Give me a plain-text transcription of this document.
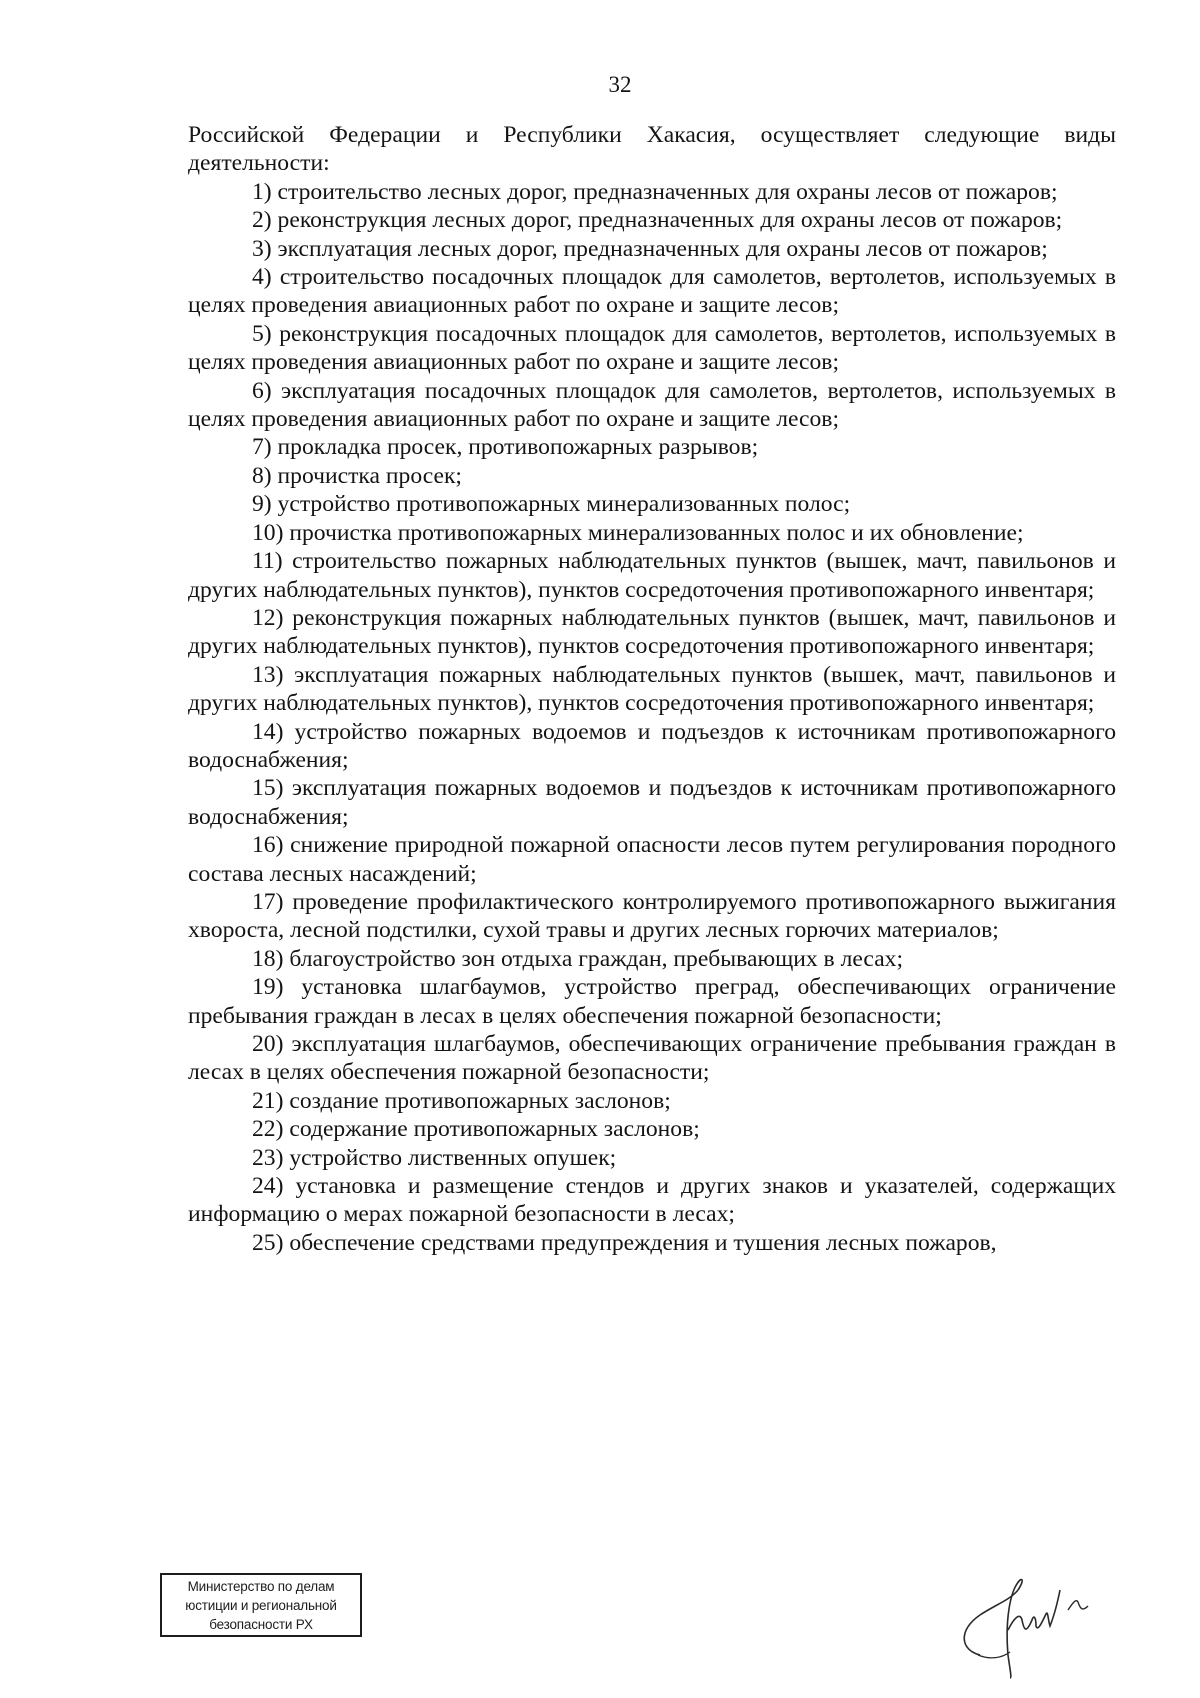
32

Российской Федерации и Республики Хакасия, осуществляет следующие виды деятельности:

1) строительство лесных дорог, предназначенных для охраны лесов от пожаров;

2) реконструкция лесных дорог, предназначенных для охраны лесов от пожаров;

3) эксплуатация лесных дорог, предназначенных для охраны лесов от пожаров;

4) строительство посадочных площадок для самолетов, вертолетов, используемых в целях проведения авиационных работ по охране и защите лесов;

5) реконструкция посадочных площадок для самолетов, вертолетов, используемых в целях проведения авиационных работ по охране и защите лесов;

6) эксплуатация посадочных площадок для самолетов, вертолетов, используемых в целях проведения авиационных работ по охране и защите лесов;

7) прокладка просек, противопожарных разрывов;

8) прочистка просек;

9) устройство противопожарных минерализованных полос;

10) прочистка противопожарных минерализованных полос и их обновление;

11) строительство пожарных наблюдательных пунктов (вышек, мачт, павильонов и других наблюдательных пунктов), пунктов сосредоточения противопожарного инвентаря;

12) реконструкция пожарных наблюдательных пунктов (вышек, мачт, павильонов и других наблюдательных пунктов), пунктов сосредоточения противопожарного инвентаря;

13) эксплуатация пожарных наблюдательных пунктов (вышек, мачт, павильонов и других наблюдательных пунктов), пунктов сосредоточения противопожарного инвентаря;

14) устройство пожарных водоемов и подъездов к источникам противопожарного водоснабжения;

15) эксплуатация пожарных водоемов и подъездов к источникам противопожарного водоснабжения;

16) снижение природной пожарной опасности лесов путем регулирования породного состава лесных насаждений;

17) проведение профилактического контролируемого противопожарного выжигания хвороста, лесной подстилки, сухой травы и других лесных горючих материалов;

18) благоустройство зон отдыха граждан, пребывающих в лесах;

19) установка шлагбаумов, устройство преград, обеспечивающих ограничение пребывания граждан в лесах в целях обеспечения пожарной безопасности;

20) эксплуатация шлагбаумов, обеспечивающих ограничение пребывания граждан в лесах в целях обеспечения пожарной безопасности;

21) создание противопожарных заслонов;

22) содержание противопожарных заслонов;

23) устройство лиственных опушек;

24) установка и размещение стендов и других знаков и указателей, содержащих информацию о мерах пожарной безопасности в лесах;

25) обеспечение средствами предупреждения и тушения лесных пожаров,

Министерство по делам
юстиции и региональной
безопасности РХ
